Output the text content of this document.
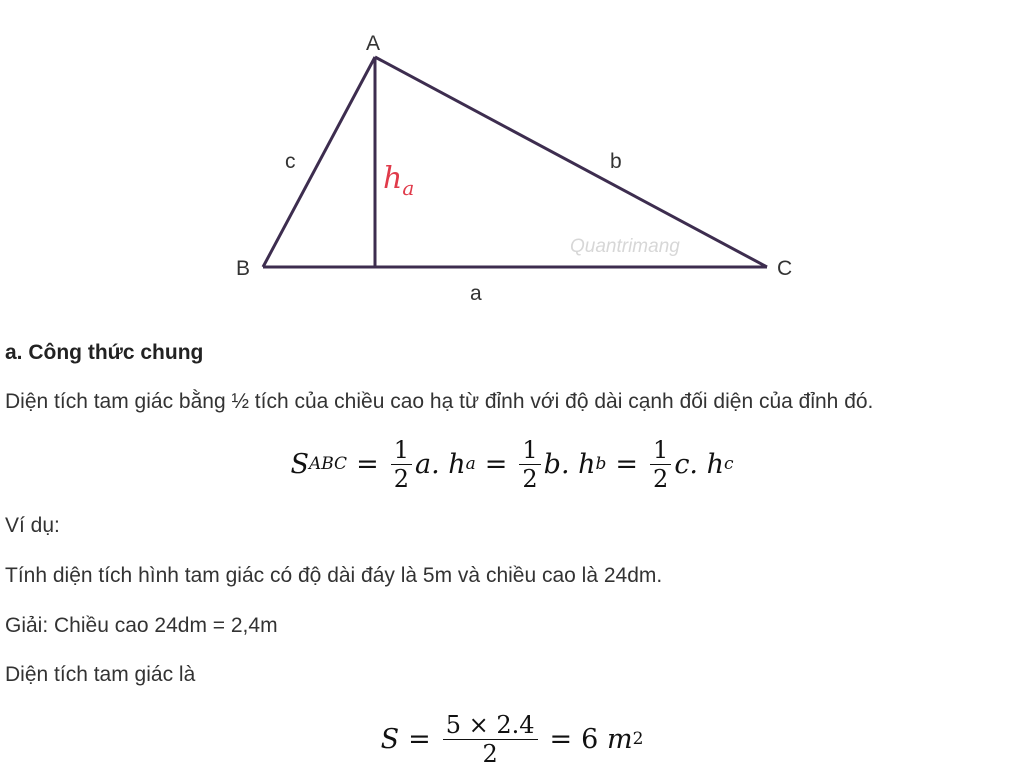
Quantrimang
A
B	C
a
b
c	$h_a$

a. Công thức chung

Diện tích tam giác bằng ½ tích của chiều cao hạ từ đỉnh với độ dài cạnh đối diện của đỉnh đó.

S ABC = $\frac{1}{2} a$. h $a = \frac{1}{2} b$. h $b = \frac{1}{2} c$. h c

Ví dụ:

Tính diện tích hình tam giác có độ dài đáy là 5m và chiều cao là 24dm.

Giải: Chiều cao 24dm = 2,4m

Diện tích tam giác là

$S = \frac{5 \times 2.4}{2} = 6$
m 2
